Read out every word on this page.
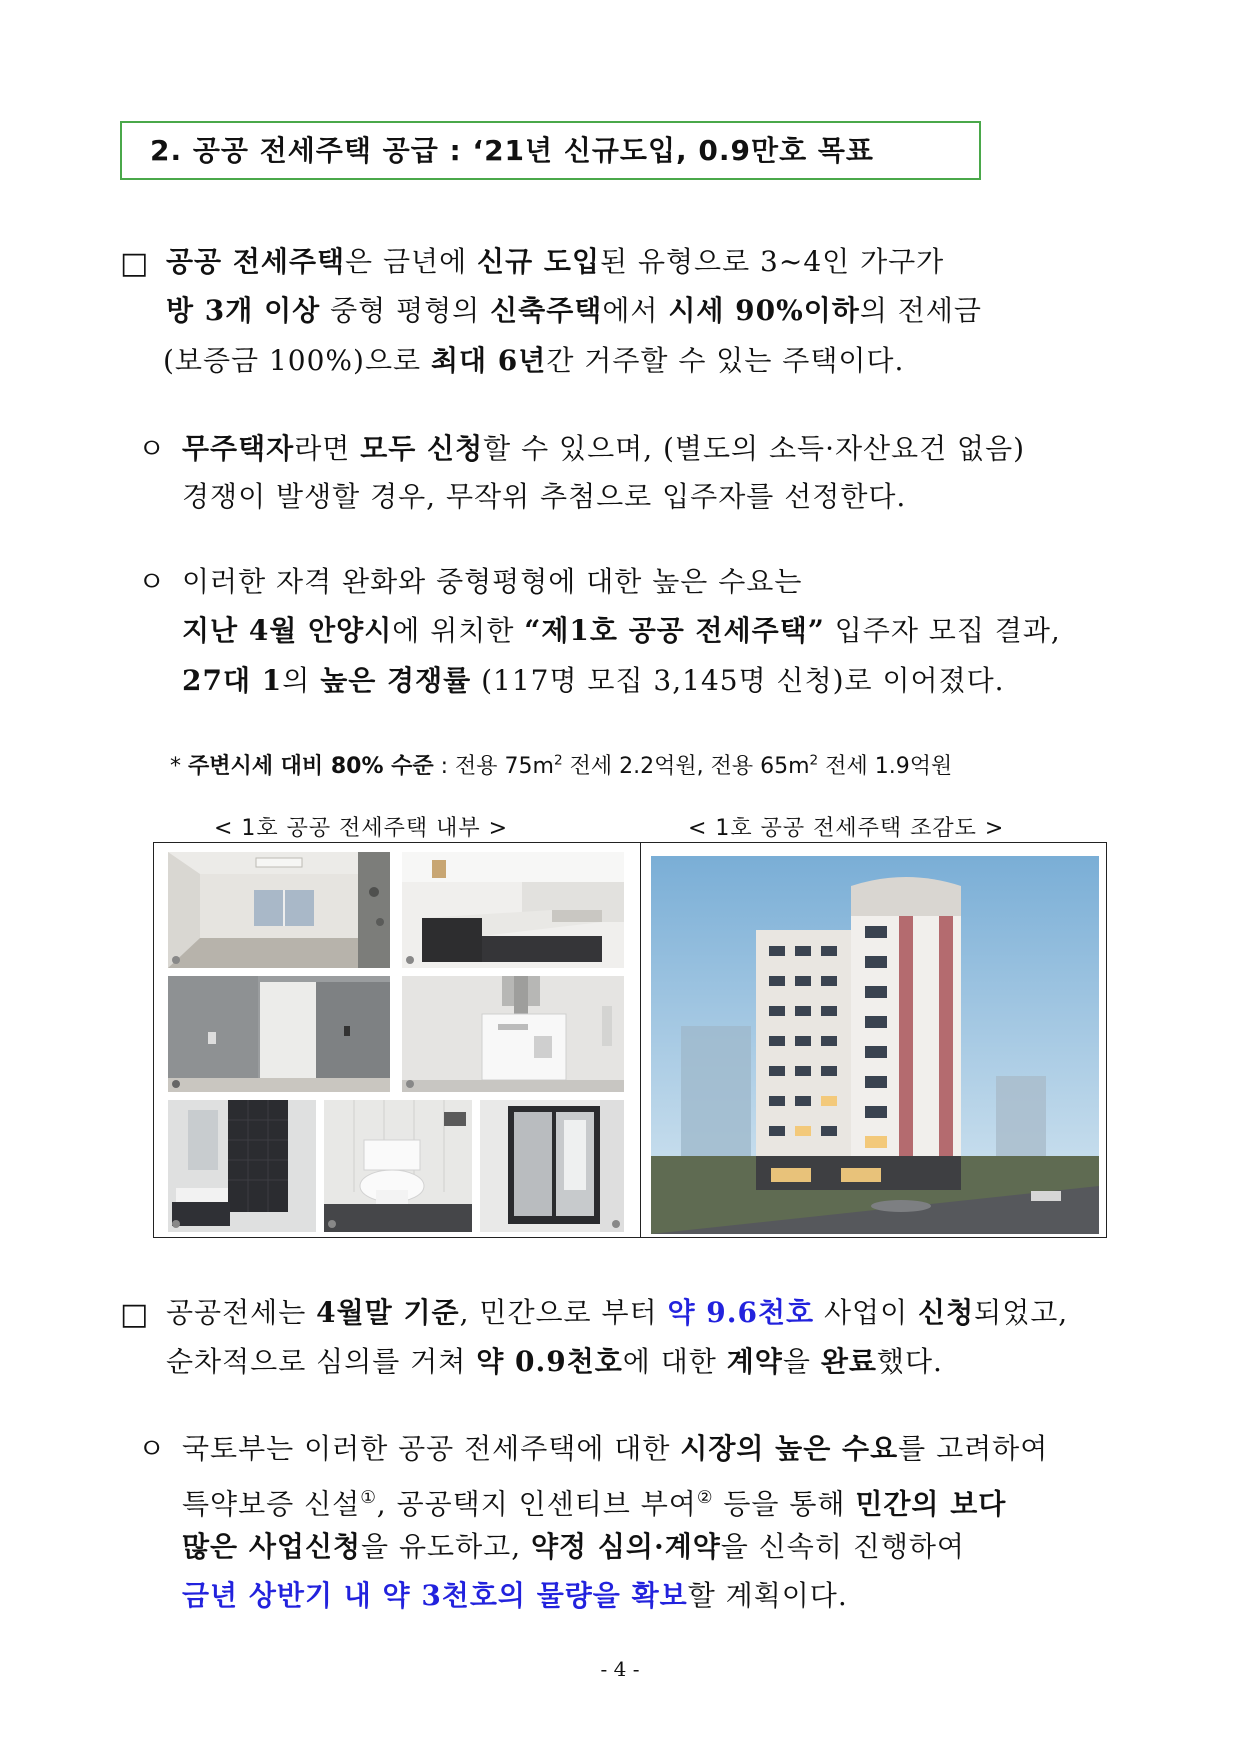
2. 공공 전세주택 공급 : ‘21년 신규도입, 0.9만호 목표
□ 공공 전세주택은 금년에 신규 도입된 유형으로 3~4인 가구가
방 3개 이상 중형 평형의 신축주택에서 시세 90%이하의 전세금
(보증금 100%)으로 최대 6년간 거주할 수 있는 주택이다.
ㅇ 무주택자라면 모두 신청할 수 있으며, (별도의 소득·자산요건 없음)
경쟁이 발생할 경우, 무작위 추첨으로 입주자를 선정한다.
ㅇ 이러한 자격 완화와 중형평형에 대한 높은 수요는
지난 4월 안양시에 위치한 “제1호 공공 전세주택” 입주자 모집 결과,
27대 1의 높은 경쟁률 (117명 모집 3,145명 신청)로 이어졌다.
* 주변시세 대비 80% 수준 : 전용 $75m^2$ 전세 2.2억원, 전용 $65m^2$ 전세 1.9억원
< 1호 공공 전세주택 내부 >	< 1호 공공 전세주택 조감도 >
□ 공공전세는 4월말 기준, 민간으로 부터 약 9.6천호 사업이 신청되었고,
순차적으로 심의를 거쳐 약 0.9천호에 대한 계약을 완료했다.
ㅇ 국토부는 이러한 공공 전세주택에 대한 시장의 높은 수요를 고려하여
특약보증 신설①, 공공택지 인센티브 부여② 등을 통해 민간의 보다
많은 사업신청을 유도하고, 약정 심의·계약을 신속히 진행하여
금년 상반기 내 약 3천호의 물량을 확보할 계획이다.
- 4 -
